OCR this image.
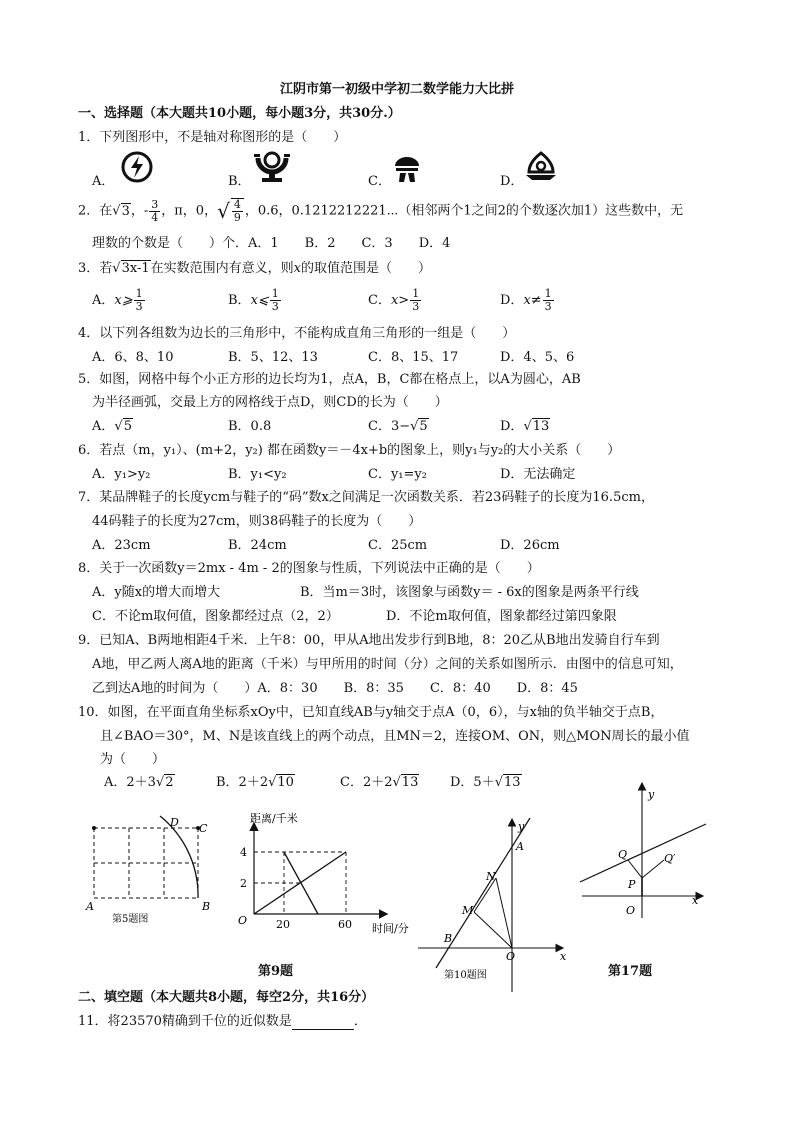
江阴市第一初级中学初二数学能力大比拼
一、选择题（本大题共10小题，每小题3分，共30分.）
1．下列图形中，不是轴对称图形的是（　　）
A．	B．	C．	D．
2．在√3，- $\frac{3}{4}$ ，π，0，√ $\frac{4}{9}$ ，0.6，0.1212212221⋯（相邻两个1之间2的个数逐次加1）这些数中，无
理数的个数是（　　）个．A．1　　B．2　　C．3　　D．4
3．若√3x-1在实数范围内有意义，则x的取值范围是（　　）
A．x⩾ $\frac{1}{3}$	B．x⩽ $\frac{1}{3}$	C．$x> \frac{1}{3}$	D．$x\ne \frac{1}{3}$
4．以下列各组数为边长的三角形中，不能构成直角三角形的一组是（　　）
A．6、8、10	B．5、12、13	C．8、15、17	D．4、5、6
5．如图，网格中每个小正方形的边长均为1，点A，B，C都在格点上，以A为圆心，AB
为半径画弧，交最上方的网格线于点D，则CD的长为（　　）
A．√5	B．0.8	C．3−√5	D．√13
6．若点（m，y₁）、(m+2，y₂) 都在函数y＝－4x+b的图象上，则y₁与y₂的大小关系（　　）
A．y₁>y₂	B．y₁<y₂	C．y₁=y₂	D．无法确定
7．某品牌鞋子的长度ycm与鞋子的“码”数x之间满足一次函数关系．若23码鞋子的长度为16.5cm，
44码鞋子的长度为27cm，则38码鞋子的长度为（　　）
A．23cm	B．24cm	C．25cm	D．26cm
8．关于一次函数y＝2mx - 4m - 2的图象与性质，下列说法中正确的是（　　）
A．y随x的增大而增大	B．当m＝3时，该图象与函数y＝ - 6x的图象是两条平行线
C．不论m取何值，图象都经过点（2，2）	D．不论m取何值，图象都经过第四象限
9．已知A、B两地相距4千米．上午8：00，甲从A地出发步行到B地，8：20乙从B地出发骑自行车到
A地，甲乙两人离A地的距离（千米）与甲所用的时间（分）之间的关系如图所示．由图中的信息可知，
乙到达A地的时间为（　　）A．8：30　　B．8：35　　C．8：40　　D．8：45
10．如图，在平面直角坐标系xOy中，已知直线AB与y轴交于点A（0，6），与x轴的负半轴交于点B，
且∠BAO＝30°，M、N是该直线上的两个动点，且MN＝2，连接OM、ON，则△MON周长的最小值
为（　　）
A．2＋3√2	B．2＋2√10	C．2＋2√13 D．5＋√13
D C
A	B
第5题图
距离/千米
时间/分
O
4
2
20	60
第9题
y
x
A
N
M
B
O
第10题图
y
x
Q	Q′
P
O
第17题
二、填空题（本大题共8小题，每空2分，共16分）
11．将23570精确到千位的近似数是	．
